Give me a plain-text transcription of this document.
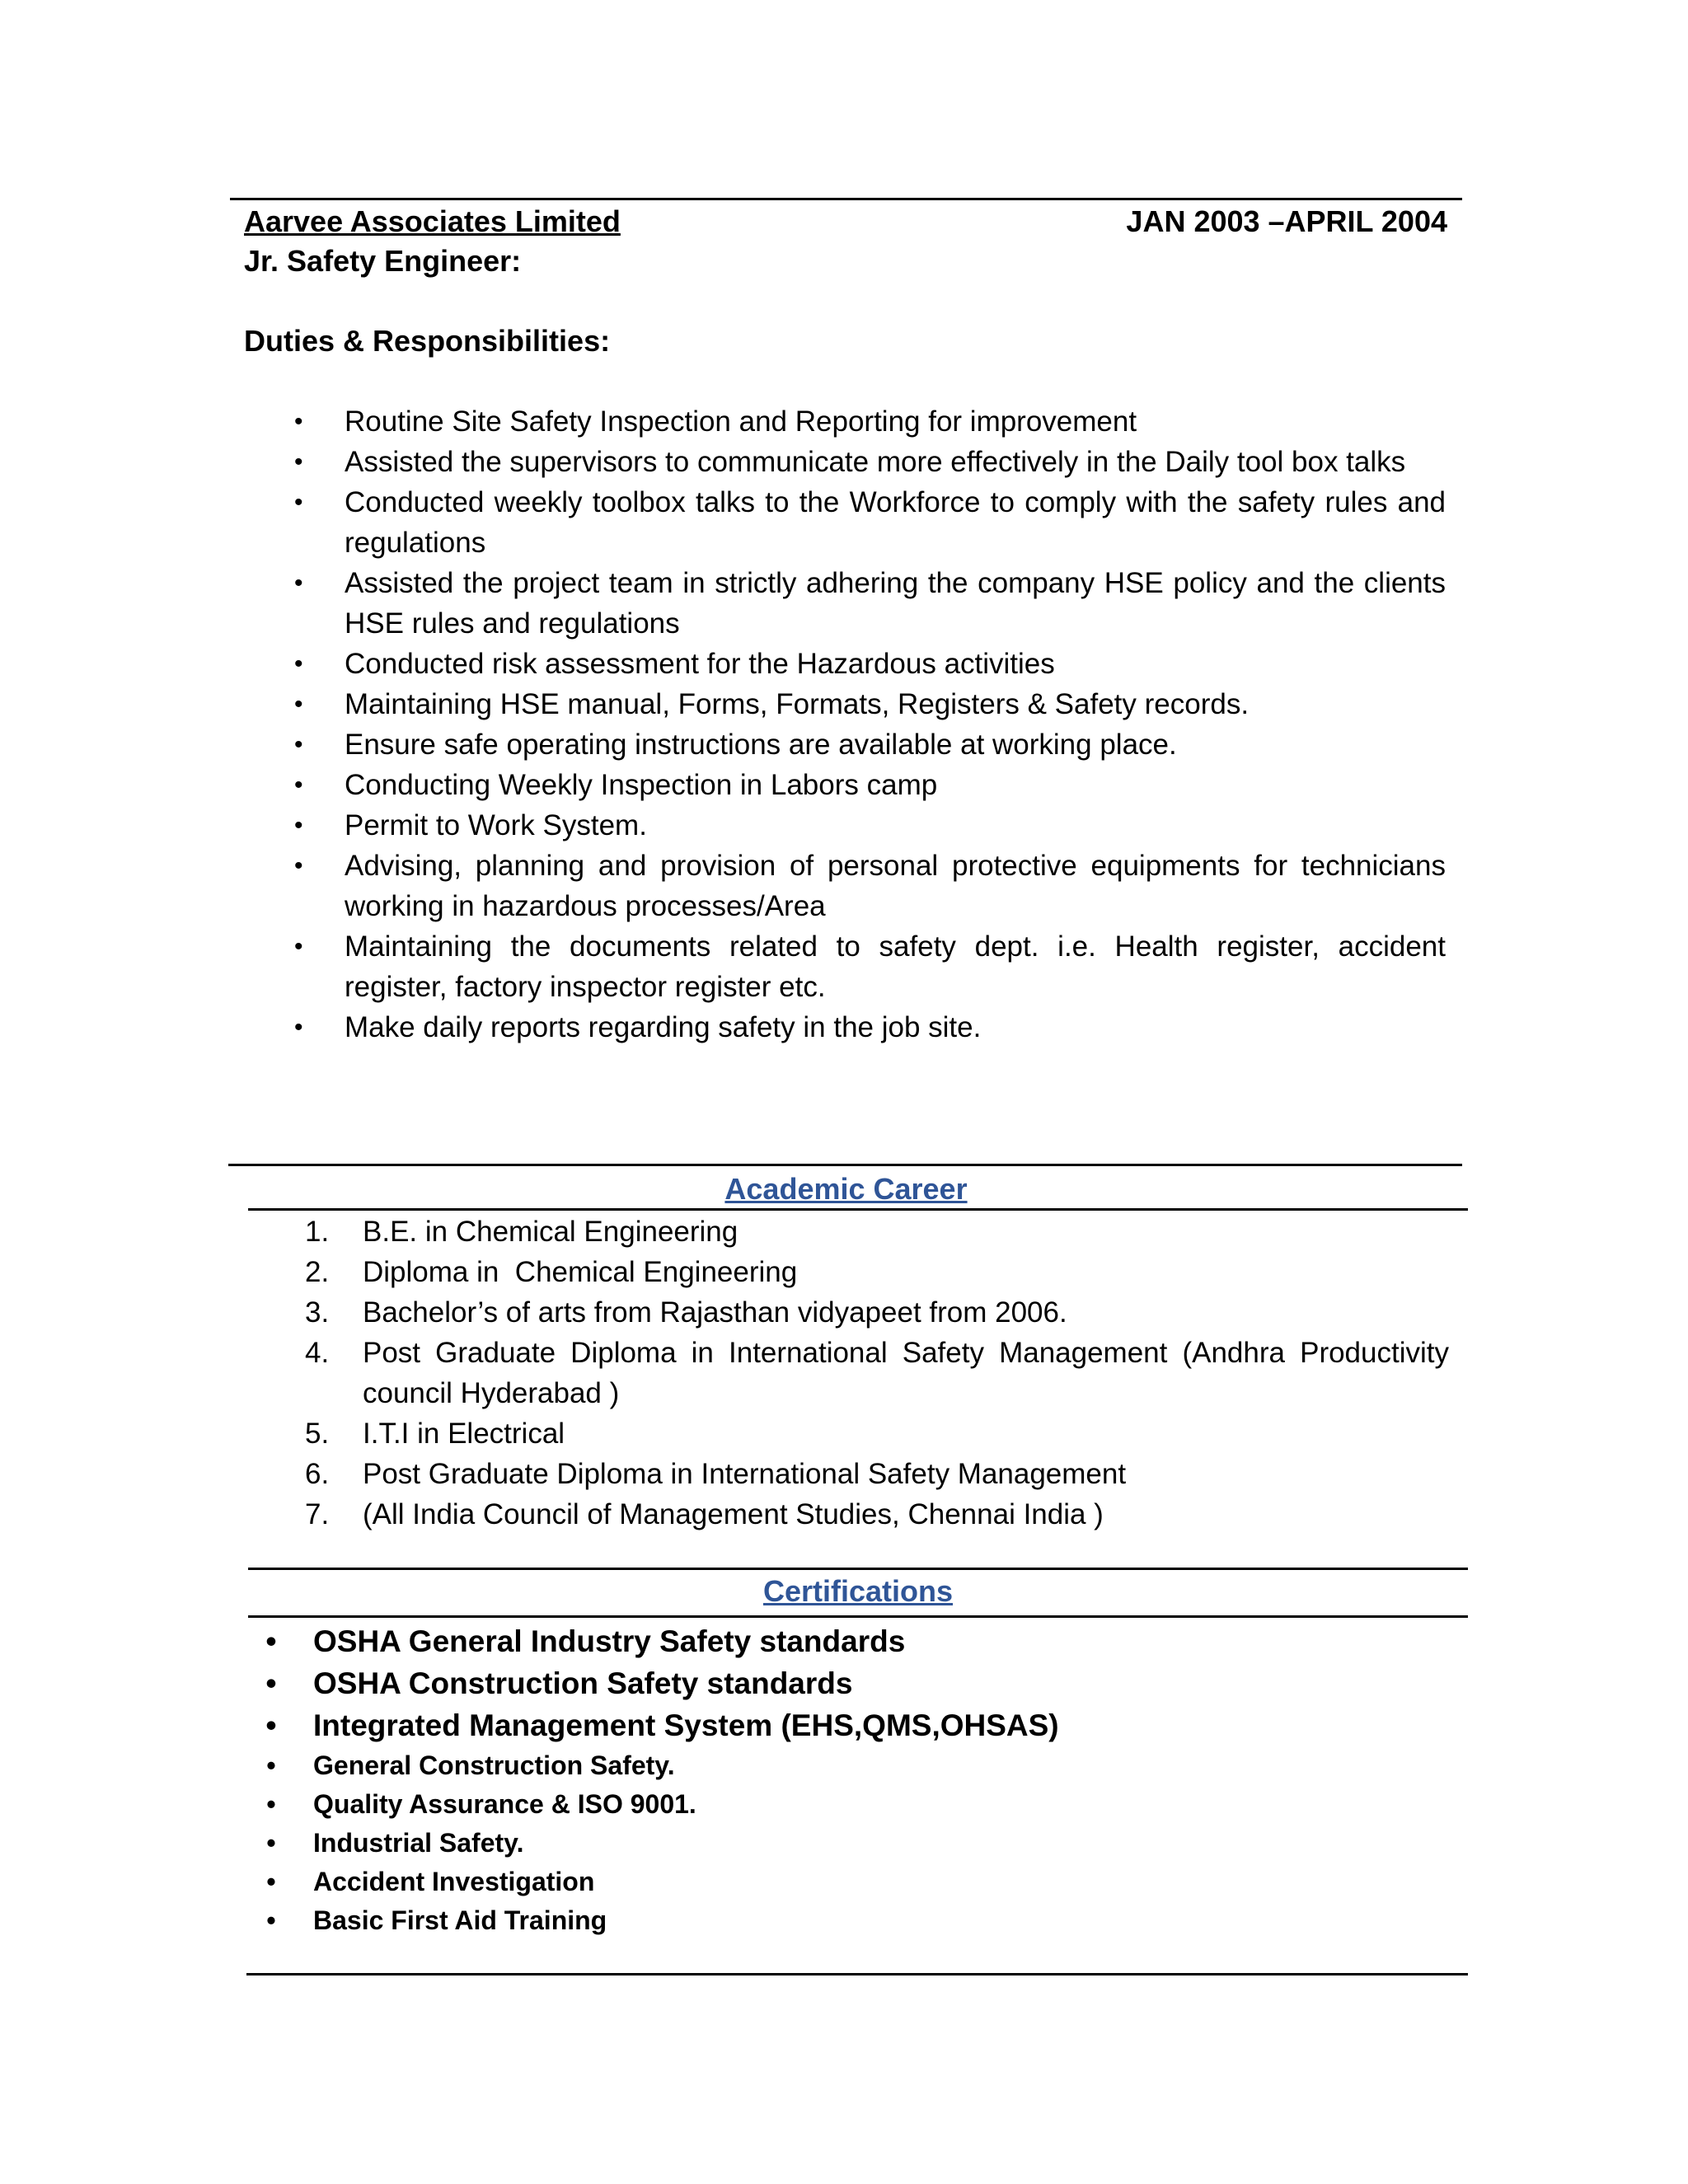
Aarvee Associates Limited	JAN 2003 –APRIL 2004
Jr. Safety Engineer:
Duties & Responsibilities:
• Routine Site Safety Inspection and Reporting for improvement
• Assisted the supervisors to communicate more effectively in the Daily tool box talks
• Conducted weekly toolbox talks to the Workforce to comply with the safety rules and regulations
• Assisted the project team in strictly adhering the company HSE policy and the clients HSE rules and regulations
• Conducted risk assessment for the Hazardous activities
• Maintaining HSE manual, Forms, Formats, Registers & Safety records.
• Ensure safe operating instructions are available at working place.
• Conducting Weekly Inspection in Labors camp
• Permit to Work System.
• Advising, planning and provision of personal protective equipments for technicians working in hazardous processes/Area
• Maintaining the documents related to safety dept. i.e. Health register, accident register, factory inspector register etc.
• Make daily reports regarding safety in the job site.
Academic Career
1. B.E. in Chemical Engineering
2. Diploma in  Chemical Engineering
3. Bachelor’s of arts from Rajasthan vidyapeet from 2006.
4. Post Graduate Diploma in International Safety Management (Andhra Productivity council Hyderabad )
5. I.T.I in Electrical
6. Post Graduate Diploma in International Safety Management
7. (All India Council of Management Studies, Chennai India )
Certifications
• OSHA General Industry Safety standards
• OSHA Construction Safety standards
• Integrated Management System (EHS,QMS,OHSAS)
• General Construction Safety.
• Quality Assurance & ISO 9001.
• Industrial Safety.
• Accident Investigation
• Basic First Aid Training
